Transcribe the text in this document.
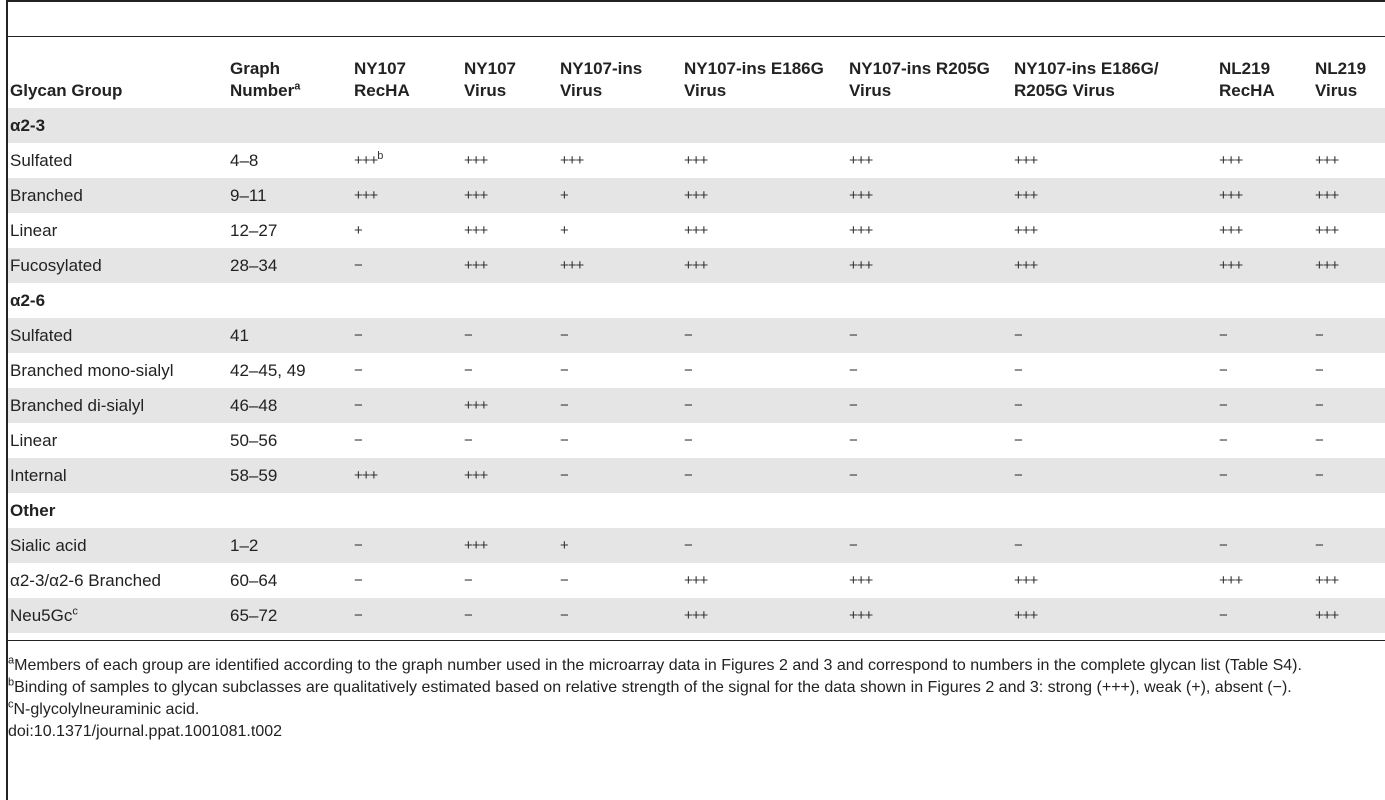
Glycan Group	Graph Number$^a$	NY107 RecHA	NY107 Virus	NY107-ins Virus	NY107-ins E186G Virus	NY107-ins R205G Virus	NY107-ins E186G/ R205G Virus	NL219 RecHA	NL219 Virus
α2-3									
Sulfated	4–8	+++$^b$	+++	+++	+++	+++	+++	+++	+++
Branched	9–11	+++	+++	+	+++	+++	+++	+++	+++
Linear	12–27	+	+++	+	+++	+++	+++	+++	+++
Fucosylated	28–34	−	+++	+++	+++	+++	+++	+++	+++
α2-6									
Sulfated	41	−	−	−	−	−	−	−	−
Branched mono-sialyl	42–45, 49	−	−	−	−	−	−	−	−
Branched di-sialyl	46–48	−	+++	−	−	−	−	−	−
Linear	50–56	−	−	−	−	−	−	−	−
Internal	58–59	+++	+++	−	−	−	−	−	−
Other									
Sialic acid	1–2	−	+++	+	−	−	−	−	−
α2-3/α2-6 Branched	60–64	−	−	−	+++	+++	+++	+++	+++
$Neu5Gc^c$	65–72	−	−	−	+++	+++	+++	−	+++

$^a$Members of each group are identified according to the graph number used in the microarray data in Figures 2 and 3 and correspond to numbers in the complete glycan list (Table S4).

$^b$Binding of samples to glycan subclasses are qualitatively estimated based on relative strength of the signal for the data shown in Figures 2 and 3: strong (+++), weak (+), absent (−).

$^c$N-glycolylneuraminic acid.

doi:10.1371/journal.ppat.1001081.t002
